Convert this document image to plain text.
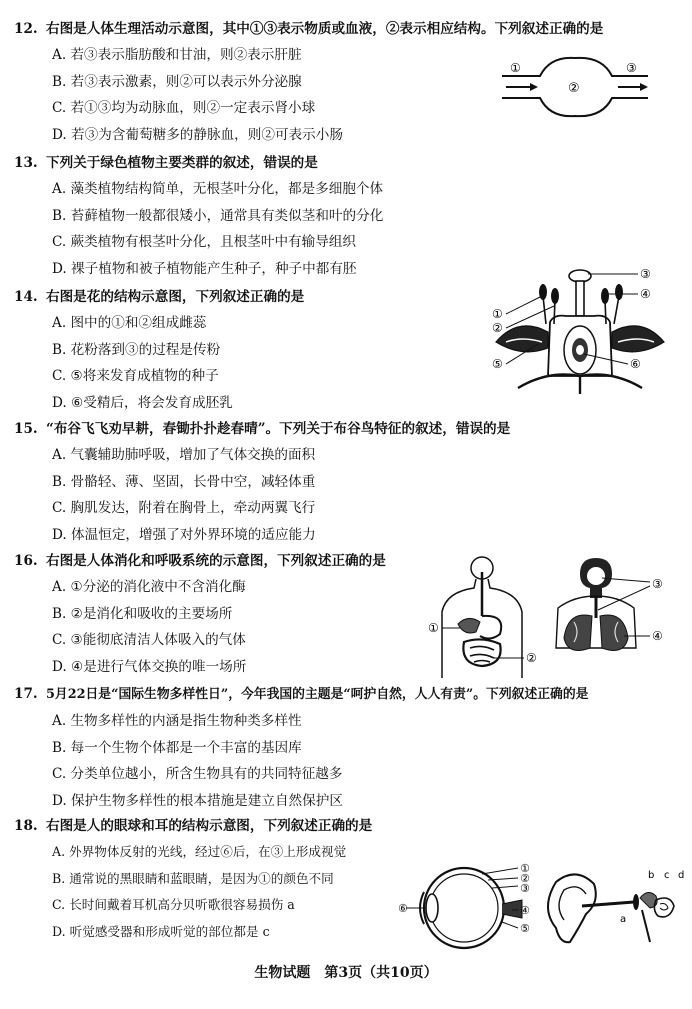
12. 右图是人体生理活动示意图，其中①③表示物质或血液，②表示相应结构。下列叙述正确的是
A. 若③表示脂肪酸和甘油，则②表示肝脏
B. 若③表示激素，则②可以表示外分泌腺
C. 若①③均为动脉血，则②一定表示肾小球
D. 若③为含葡萄糖多的静脉血，则②可表示小肠
13. 下列关于绿色植物主要类群的叙述，错误的是
A. 藻类植物结构简单，无根茎叶分化，都是多细胞个体
B. 苔藓植物一般都很矮小，通常具有类似茎和叶的分化
C. 蕨类植物有根茎叶分化，且根茎叶中有输导组织
D. 裸子植物和被子植物能产生种子，种子中都有胚
14. 右图是花的结构示意图，下列叙述正确的是
A. 图中的①和②组成雌蕊
B. 花粉落到③的过程是传粉
C. ⑤将来发育成植物的种子
D. ⑥受精后，将会发育成胚乳
15. “布谷飞飞劝早耕，春锄扑扑趁春晴”。下列关于布谷鸟特征的叙述，错误的是
A. 气囊辅助肺呼吸，增加了气体交换的面积
B. 骨骼轻、薄、坚固，长骨中空，减轻体重
C. 胸肌发达，附着在胸骨上，牵动两翼飞行
D. 体温恒定，增强了对外界环境的适应能力
16. 右图是人体消化和呼吸系统的示意图，下列叙述正确的是
A. ①分泌的消化液中不含消化酶
B. ②是消化和吸收的主要场所
C. ③能彻底清洁人体吸入的气体
D. ④是进行气体交换的唯一场所
17. 5月22日是“国际生物多样性日”，今年我国的主题是“呵护自然，人人有责”。下列叙述正确的是
A. 生物多样性的内涵是指生物种类多样性
B. 每一个生物个体都是一个丰富的基因库
C. 分类单位越小，所含生物具有的共同特征越多
D. 保护生物多样性的根本措施是建立自然保护区
18. 右图是人的眼球和耳的结构示意图，下列叙述正确的是
A. 外界物体反射的光线，经过⑥后，在③上形成视觉
B. 通常说的黑眼睛和蓝眼睛，是因为①的颜色不同
C. 长时间戴着耳机高分贝听歌很容易损伤 a
D. 听觉感受器和形成听觉的部位都是 c
①
②
③
①
②
③
④
⑤	⑥
①
②
③
④
⑥
①
②
③
④
⑤
a
b c d
生物试题　第3页（共10页）
